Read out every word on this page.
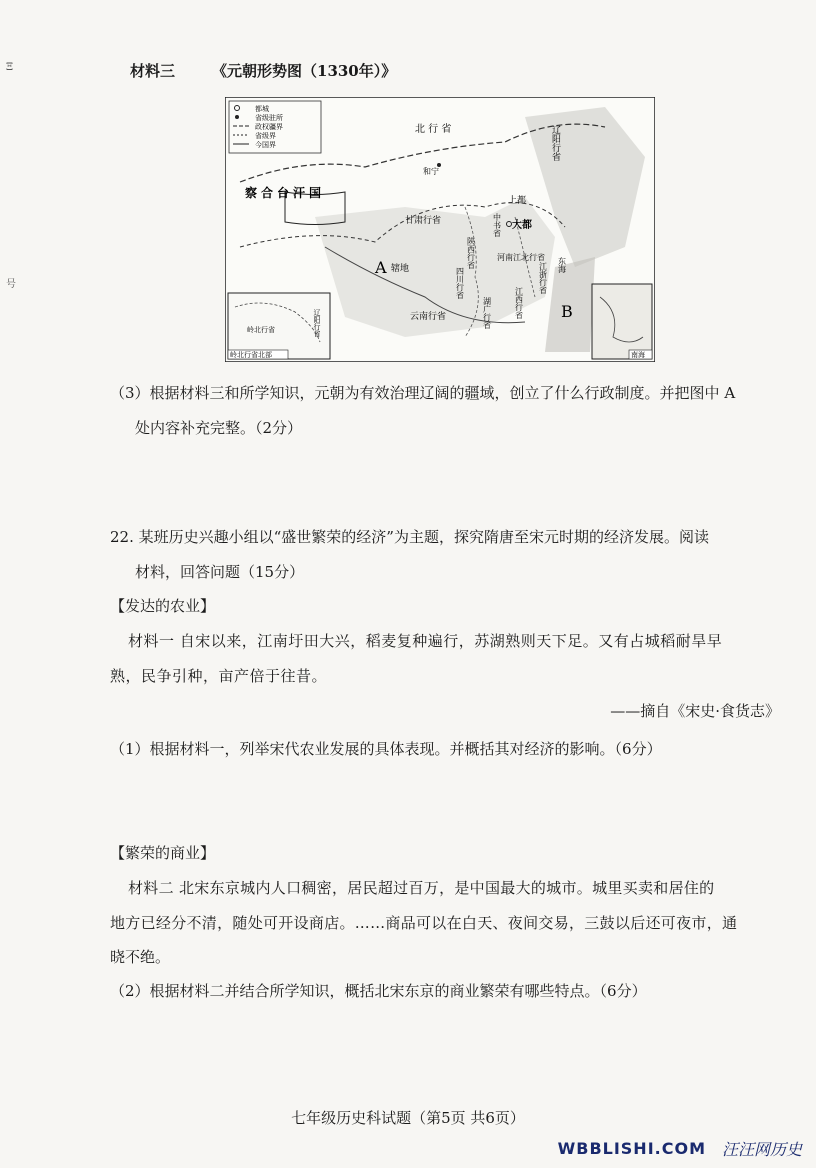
Ξ
号
材料三 《元朝形势图（1330年）》
都城
省级驻所
政权疆界
省级界
今国界
北 行 省	辽阳行省
和宁
察合台汗国
上都
中书省 大都
甘肃行省
陕西行省	河南江北行省
四川行省	江浙行省
江西行省
湖广行省
云南行省
东海
A 辖地
B
岭北行省	辽阳行省
岭北行省北部	南海
（3）根据材料三和所学知识，元朝为有效治理辽阔的疆域，创立了什么行政制度。并把图中 A
处内容补充完整。（2分）
22. 某班历史兴趣小组以“盛世繁荣的经济”为主题，探究隋唐至宋元时期的经济发展。阅读
材料，回答问题（15分）
【发达的农业】
材料一 自宋以来，江南圩田大兴，稻麦复种遍行，苏湖熟则天下足。又有占城稻耐旱早
熟，民争引种，亩产倍于往昔。
——摘自《宋史·食货志》
（1）根据材料一，列举宋代农业发展的具体表现。并概括其对经济的影响。（6分）
【繁荣的商业】
材料二 北宋东京城内人口稠密，居民超过百万，是中国最大的城市。城里买卖和居住的
地方已经分不清，随处可开设商店。……商品可以在白天、夜间交易，三鼓以后还可夜市，通
晓不绝。
（2）根据材料二并结合所学知识，概括北宋东京的商业繁荣有哪些特点。（6分）
七年级历史科试题（第5页 共6页）
WBBLISHI.COM 汪汪网历史
